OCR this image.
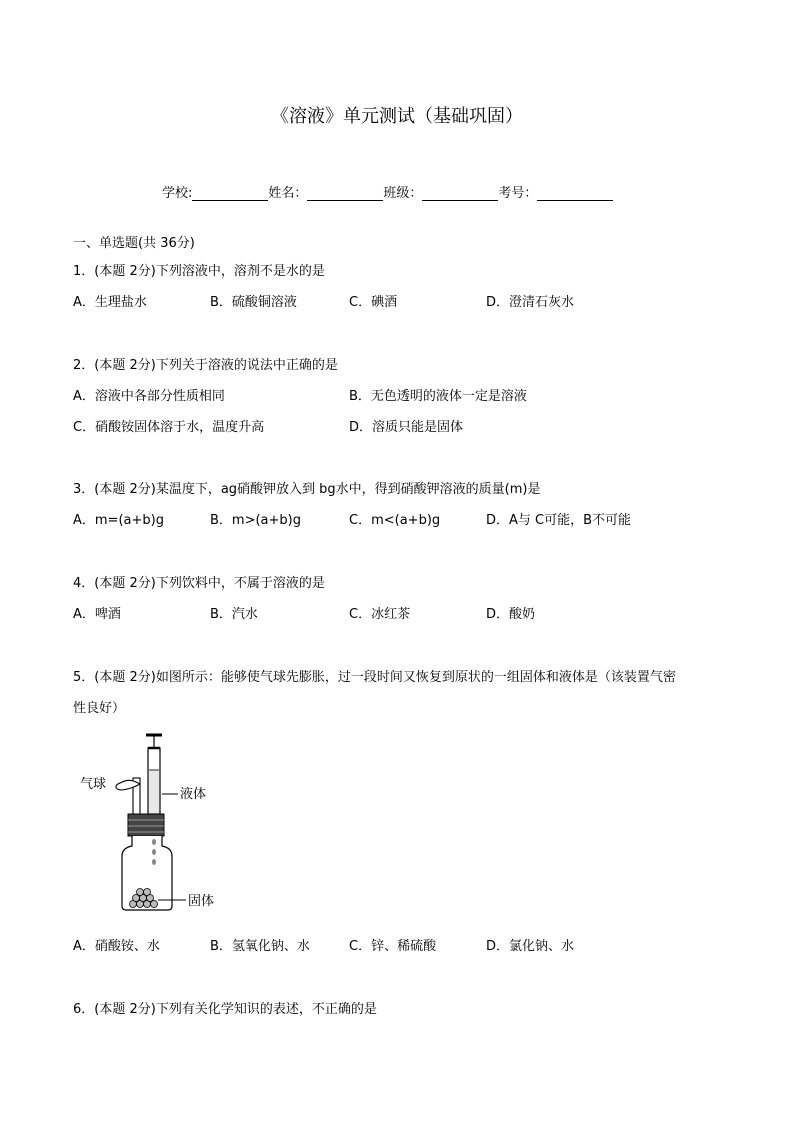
《溶液》单元测试（基础巩固）
学校:	姓名：	班级：	考号：
一、单选题(共 36分)
1．(本题 2分)下列溶液中，溶剂不是水的是
A．生理盐水	B．硫酸铜溶液	C．碘酒	D．澄清石灰水
2．(本题 2分)下列关于溶液的说法中正确的是
A．溶液中各部分性质相同	B．无色透明的液体一定是溶液
C．硝酸铵固体溶于水，温度升高	D．溶质只能是固体
3．(本题 2分)某温度下，ag硝酸钾放入到 bg水中，得到硝酸钾溶液的质量(m)是
A．m=(a+b)g	B．m>(a+b)g	C．m<(a+b)g	D．A与 C可能，B不可能
4．(本题 2分)下列饮料中，不属于溶液的是
A．啤酒	B．汽水	C．冰红茶	D．酸奶
5．(本题 2分)如图所示：能够使气球先膨胀，过一段时间又恢复到原状的一组固体和液体是（该装置气密
性良好）
气球
液体
固体
A．硝酸铵、水	B．氢氧化钠、水	C．锌、稀硫酸	D．氯化钠、水
6．(本题 2分)下列有关化学知识的表述，不正确的是
